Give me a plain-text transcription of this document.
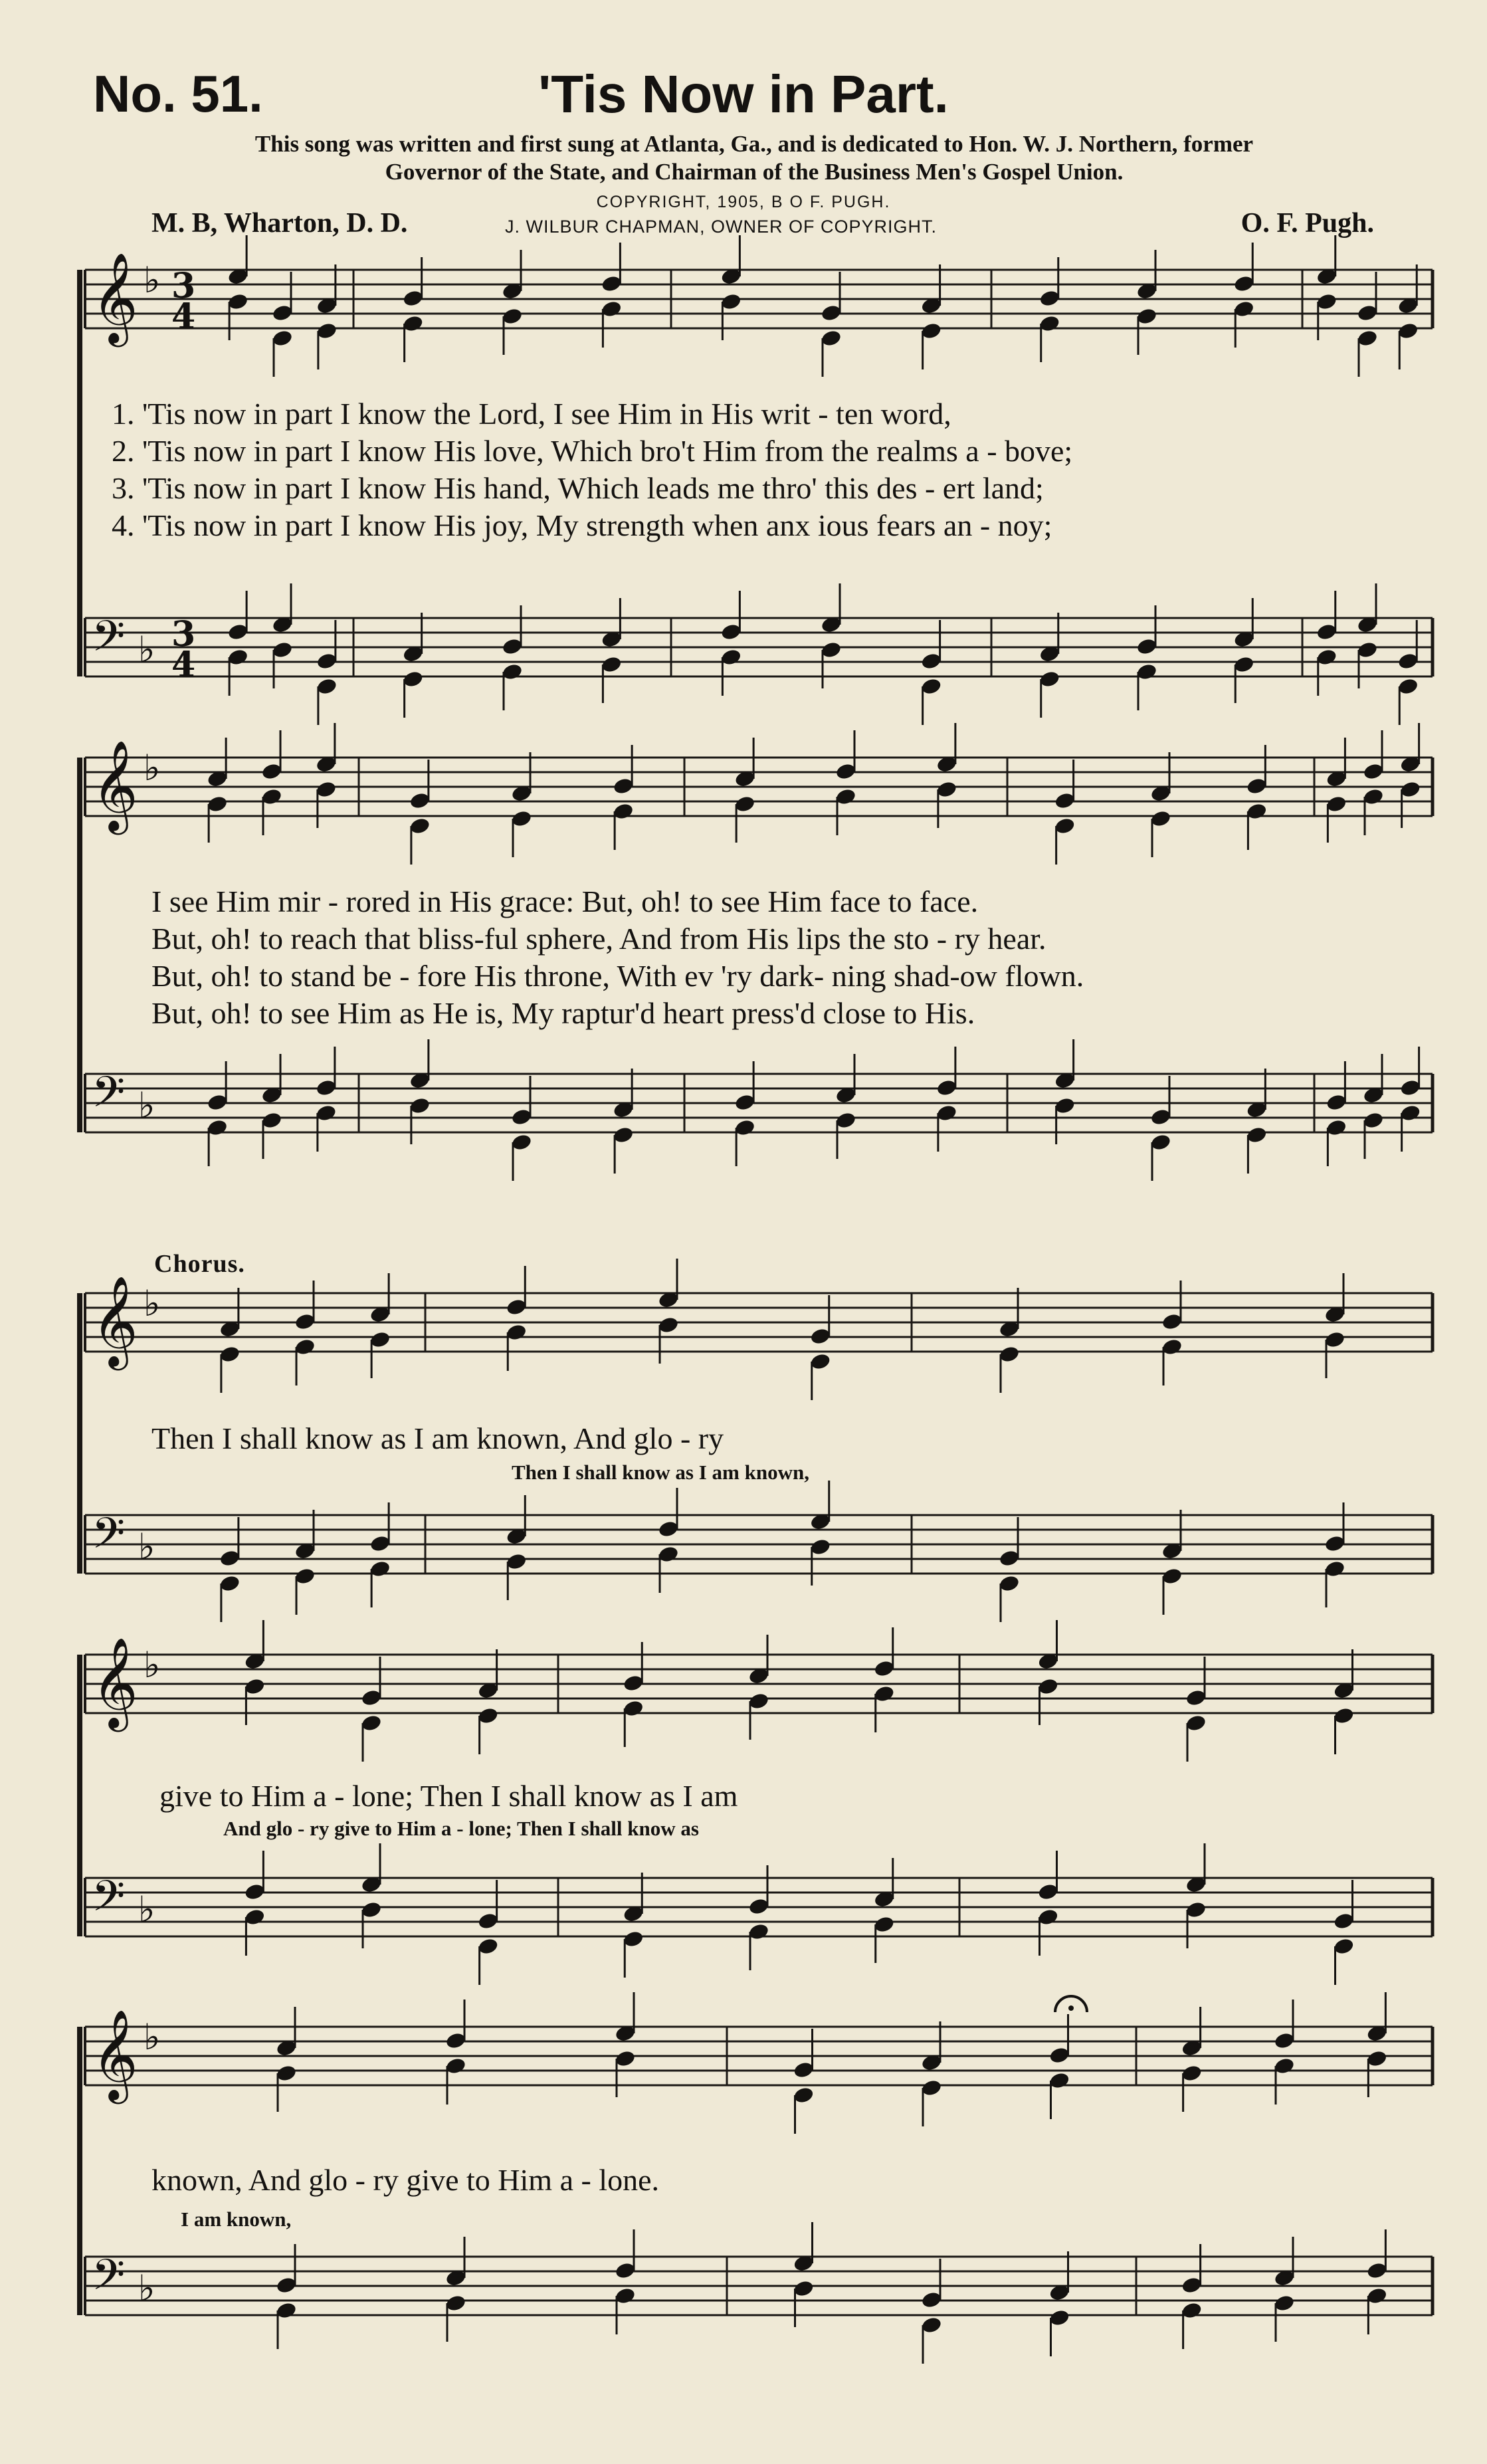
No. 51.	'Tis Now in Part.
This song was written and first sung at Atlanta, Ga., and is dedicated to Hon. W. J. Northern, former
Governor of the State, and Chairman of the Business Men's Gospel Union.
COPYRIGHT, 1905, B O F. PUGH.
J. WILBUR CHAPMAN, OWNER OF COPYRIGHT.
M. B, Wharton, D. D.	O. F. Pugh.
𝄞 ♭ 3
4
𝄢 ♭ 3
4
𝄞 ♭
𝄢 ♭
𝄞 ♭
𝄢 ♭
𝄞 ♭
𝄢 ♭
𝄞 ♭
𝄢 ♭
1. 'Tis now in part I know the Lord, I see Him in His writ - ten word,
2. 'Tis now in part I know His love, Which bro't Him from the realms a - bove;
3. 'Tis now in part I know His hand, Which leads me thro' this des - ert land;
4. 'Tis now in part I know His joy, My strength when anx ious fears an - noy;
I see Him mir - rored in His grace: But, oh! to see Him face to face.
But, oh! to reach that bliss-ful sphere, And from His lips the sto - ry hear.
But, oh! to stand be - fore His throne, With ev 'ry dark- ning shad-ow flown.
But, oh! to see Him as He is, My raptur'd heart press'd close to His.
Chorus.
Then I shall know as I am known, And glo - ry
Then I shall know as I am known,
give to Him a - lone; Then I shall know as I am
And glo - ry give to Him a - lone; Then I shall know as
known, And glo - ry give to Him a - lone.
I am known,
